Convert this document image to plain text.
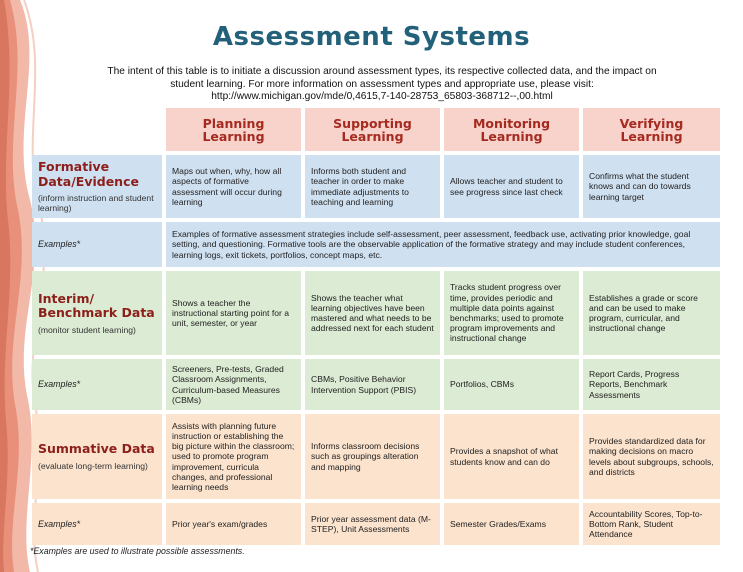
Assessment Systems
The intent of this table is to initiate a discussion around assessment types, its respective collected data, and the impact on student learning. For more information on assessment types and appropriate use, please visit: http://www.michigan.gov/mde/0,4615,7-140-28753_65803-368712--,00.html
Planning Learning
Supporting Learning
Monitoring Learning
Verifying Learning
Formative Data/Evidence
(inform instruction and student learning)
Maps out when, why, how all aspects of formative assessment will occur during learning
Informs both student and teacher in order to make immediate adjustments to teaching and learning
Allows teacher and student to see progress since last check
Confirms what the student knows and can do towards learning target
Examples*
Examples of formative assessment strategies include self-assessment, peer assessment, feedback use, activating prior knowledge, goal setting, and questioning. Formative tools are the observable application of the formative strategy and may include student conferences, learning logs, exit tickets, portfolios, concept maps, etc.
Interim/ Benchmark Data
(monitor student learning)
Shows a teacher the instructional starting point for a unit, semester, or year
Shows the teacher what learning objectives have been mastered and what needs to be addressed next for each student
Tracks student progress over time, provides periodic and multiple data points against benchmarks; used to promote program improvements and instructional change
Establishes a grade or score and can be used to make program, curricular, and instructional change
Examples*
Screeners, Pre-tests, Graded Classroom Assignments, Curriculum-based Measures (CBMs)
CBMs, Positive Behavior Intervention Support (PBIS)
Portfolios, CBMs
Report Cards, Progress Reports, Benchmark Assessments
Summative Data
(evaluate long-term learning)
Assists with planning future instruction or establishing the big picture within the classroom; used to promote program improvement, curricula changes, and professional learning needs
Informs classroom decisions such as groupings alteration and mapping
Provides a snapshot of what students know and can do
Provides standardized data for making decisions on macro levels about subgroups, schools, and districts
Examples*	Prior year's exam/grades
Prior year assessment data (M-STEP), Unit Assessments
Semester Grades/Exams
Accountability Scores, Top-to-Bottom Rank, Student Attendance
*Examples are used to illustrate possible assessments.
